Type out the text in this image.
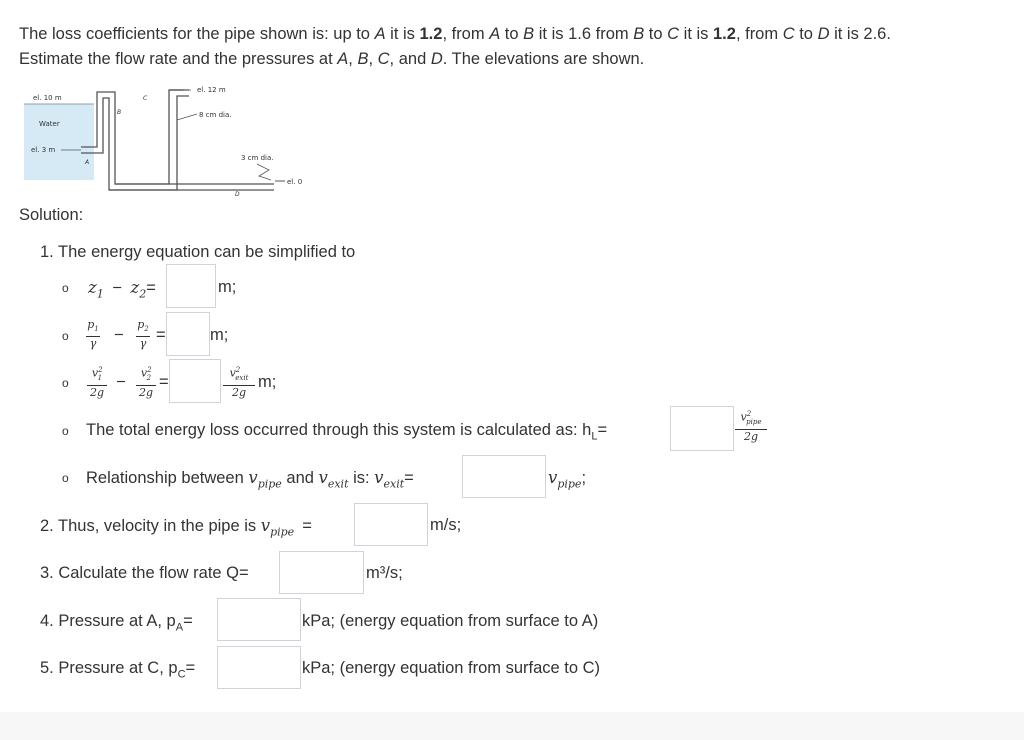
The loss coefficients for the pipe shown is: up to A it is 1.2, from A to B it is 1.6 from B to C it is 1.2, from C to D it is 2.6.
Estimate the flow rate and the pressures at A, B, C, and D. The elevations are shown.
el. 10 m
Water
el. 3 m
el. 12 m
8 cm dia.
3 cm dia.
el. 0
A
B
C
D
Solution:
1. The energy equation can be simplified to
o $z_1 - z_2=$	m;
o $\frac{p_1}{\gamma} - \frac{p_2}{\gamma}$ =	m;
o $\frac{v^2_1}{2g} - \frac{v^2_2}{2g}$ =	$v^2_{exit}$
2g
m;
o The total energy loss occurred through this system is calculated as: $h_L=$
$v^2_{pipe}$
2g
o Relationship between $v_{pipe}$ and $v_{exit}$ is: $v_{exit}=$	$v_{pipe}$;
2. Thus, velocity in the pipe is $v_{pipe}$ =	m/s;
3. Calculate the flow rate Q=	m³/s;
4. Pressure at A, $p_A=$	kPa; (energy equation from surface to A)
5. Pressure at C, $p_C=$	kPa; (energy equation from surface to C)
